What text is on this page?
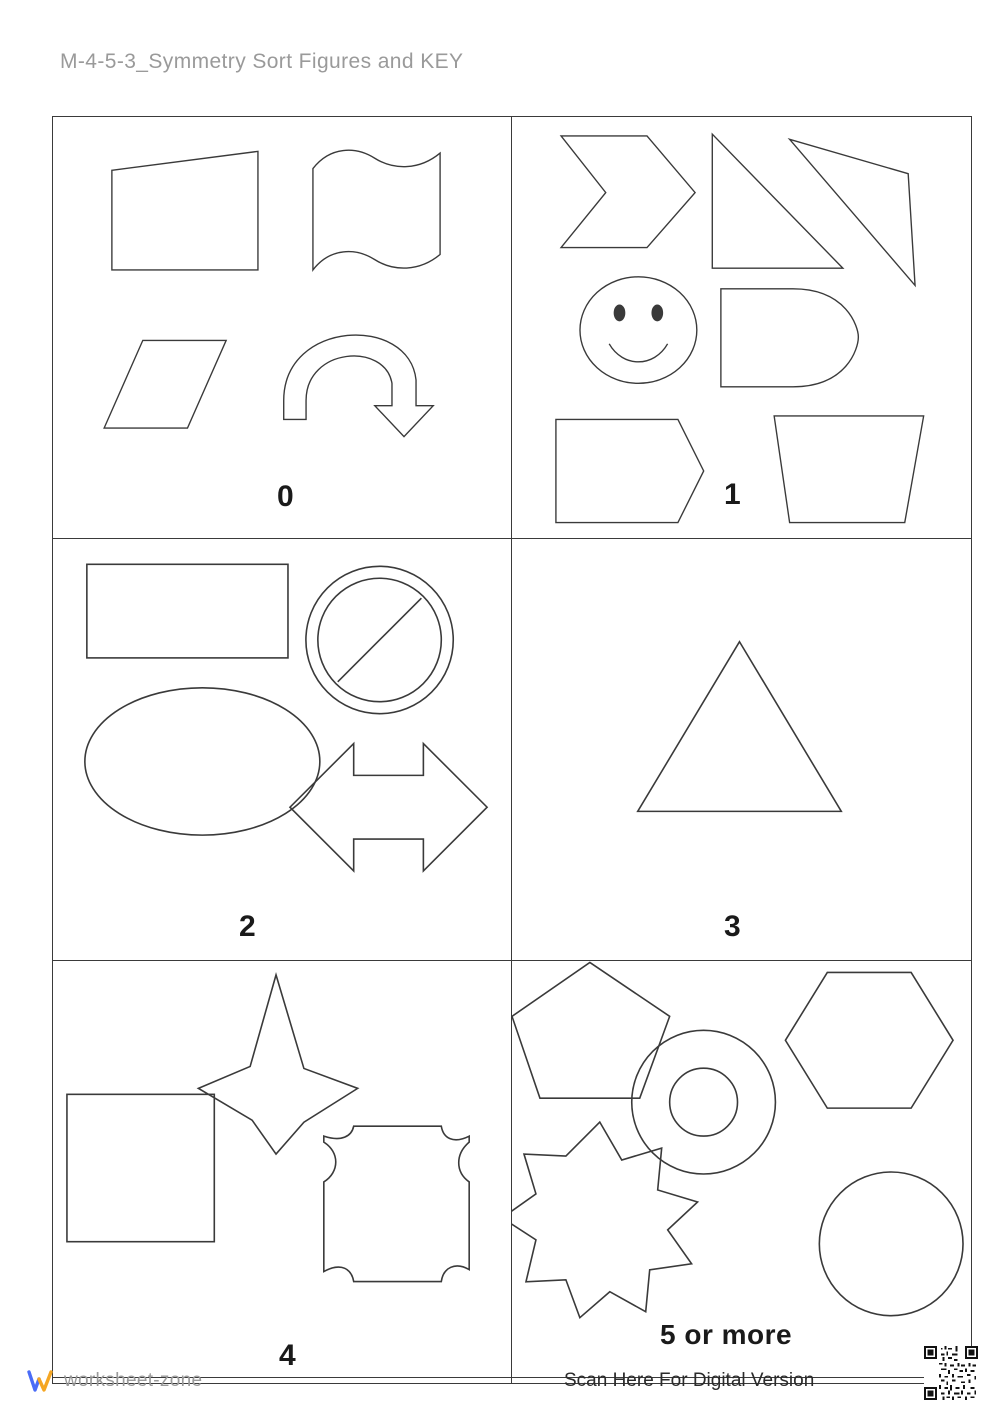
M-4-5-3_Symmetry Sort Figures and KEY
0	1
2	3
4
5 or more
Scan Here For Digital Version
worksheet-zone
